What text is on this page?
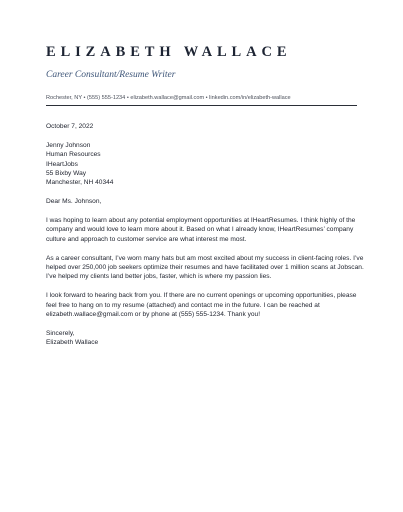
ELIZABETH WALLACE
Career Consultant/Resume Writer
Rochester, NY • (555) 555-1234 • elizabeth.wallace@gmail.com • linkedin.com/in/elizabeth-wallace

October 7, 2022

Jenny Johnson
Human Resources
IHeartJobs
55 Bixby Way
Manchester, NH 40344

Dear Ms. Johnson,

I was hoping to learn about any potential employment opportunities at IHeartResumes. I think highly of the company and would love to learn more about it. Based on what I already know, IHeartResumes’ company culture and approach to customer service are what interest me most.

As a career consultant, I’ve worn many hats but am most excited about my success in client-facing roles. I’ve helped over 250,000 job seekers optimize their resumes and have facilitated over 1 million scans at Jobscan. I’ve helped my clients land better jobs, faster, which is where my passion lies.

I look forward to hearing back from you. If there are no current openings or upcoming opportunities, please feel free to hang on to my resume (attached) and contact me in the future. I can be reached at elizabeth.wallace@gmail.com or by phone at (555) 555-1234. Thank you!

Sincerely,
Elizabeth Wallace
